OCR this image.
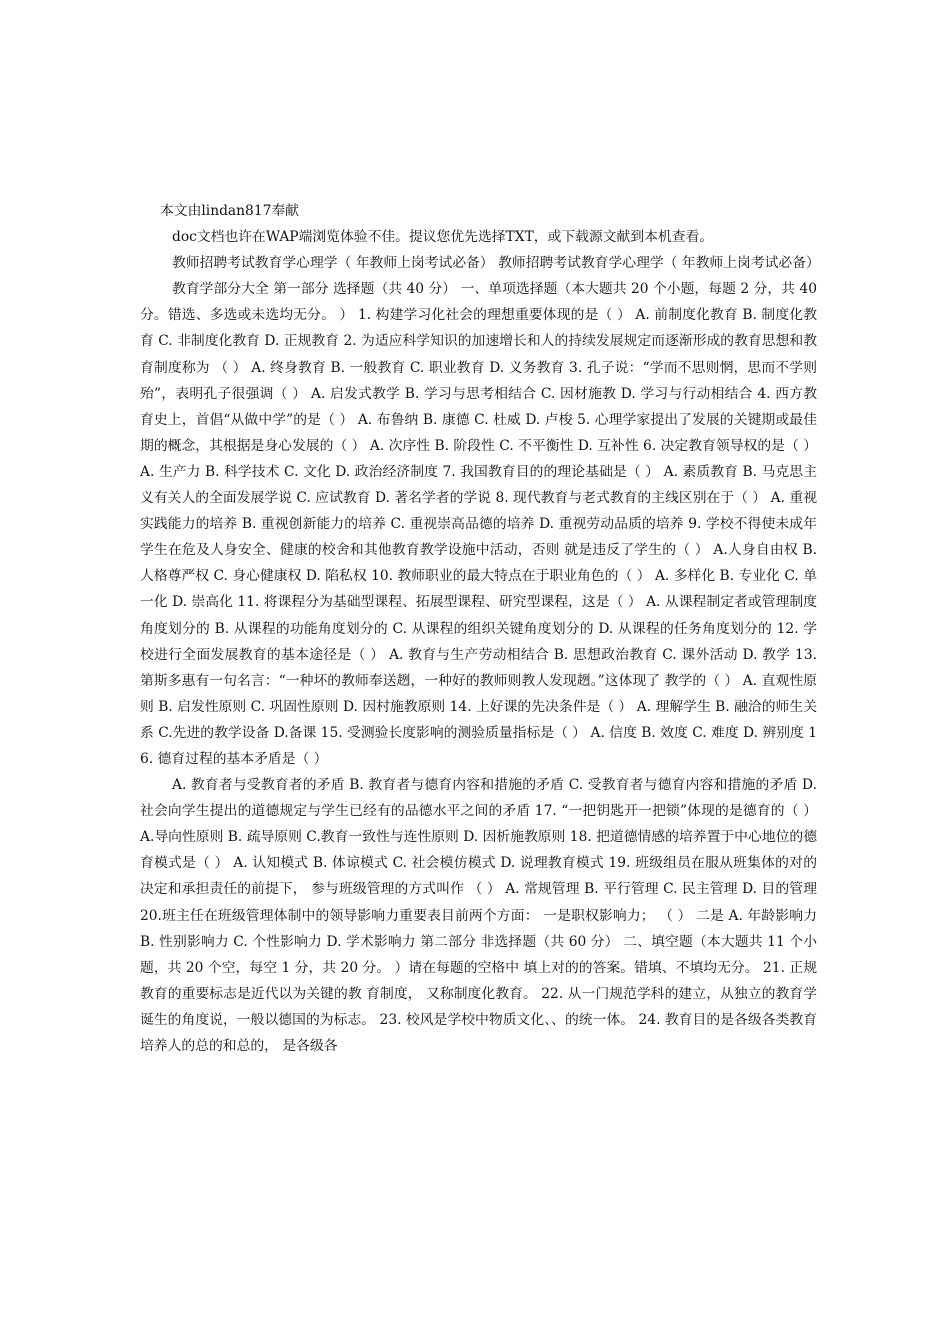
本文由lindan817奉献

doc文档也许在WAP端浏览体验不佳。提议您优先选择TXT，或下载源文献到本机查看。

教师招聘考试教育学心理学（ 年教师上岗考试必备） 教师招聘考试教育学心理学（ 年教师上岗考试必备）

教育学部分大全 第一部分 选择题（共 40 分） 一、单项选择题（本大题共 20 个小题，每题 2 分，共 40 分。错选、多选或未选均无分。 ） 1. 构建学习化社会的理想重要体现的是（ ） A. 前制度化教育 B. 制度化教育 C. 非制度化教育 D. 正规教育 2. 为适应科学知识的加速增长和人的持续发展规定而逐渐形成的教育思想和教育制度称为 （ ） A. 终身教育 B. 一般教育 C. 职业教育 D. 义务教育 3. 孔子说：“学而不思则惘，思而不学则殆”，表明孔子很强调（ ） A. 启发式教学 B. 学习与思考相结合 C. 因材施教 D. 学习与行动相结合 4. 西方教育史上，首倡“从做中学”的是（ ） A. 布鲁纳 B. 康德 C. 杜威 D. 卢梭 5. 心理学家提出了发展的关键期或最佳期的概念，其根据是身心发展的（ ） A. 次序性 B. 阶段性 C. 不平衡性 D. 互补性 6. 决定教育领导权的是（ ） A. 生产力 B. 科学技术 C. 文化 D. 政治经济制度 7. 我国教育目的的理论基础是（ ） A. 素质教育 B. 马克思主义有关人的全面发展学说 C. 应试教育 D. 著名学者的学说 8. 现代教育与老式教育的主线区别在于（ ） A. 重视实践能力的培养 B. 重视创新能力的培养 C. 重视崇高品德的培养 D. 重视劳动品质的培养 9. 学校不得使未成年学生在危及人身安全、健康的校舍和其他教育教学设施中活动，否则 就是违反了学生的（ ） A.人身自由权 B. 人格尊严权 C. 身心健康权 D. 陷私权 10. 教师职业的最大特点在于职业角色的（ ） A. 多样化 B. 专业化 C. 单一化 D. 崇高化 11. 将课程分为基础型课程、拓展型课程、研究型课程，这是（ ） A. 从课程制定者或管理制度角度划分的 B. 从课程的功能角度划分的 C. 从课程的组织关键角度划分的 D. 从课程的任务角度划分的 12. 学校进行全面发展教育的基本途径是（ ） A. 教育与生产劳动相结合 B. 思想政治教育 C. 课外活动 D. 教学 13. 第斯多惠有一句名言：“一种坏的教师奉送趔，一种好的教师则教人发现趔。”这体现了 教学的（ ） A. 直观性原则 B. 启发性原则 C. 巩固性原则 D. 因村施教原则 14. 上好课的先决条件是（ ） A. 理解学生 B. 融洽的师生关系 C.先进的教学设备 D.备课 15. 受测验长度影响的测验质量指标是（ ） A. 信度 B. 效度 C. 难度 D. 辨别度 16. 德育过程的基本矛盾是（ ）

A. 教育者与受教育者的矛盾 B. 教育者与德育内容和措施的矛盾 C. 受教育者与德育内容和措施的矛盾 D. 社会向学生提出的道德规定与学生已经有的品德水平之间的矛盾 17. “一把钥匙开一把锁”体现的是德育的（ ） A.导向性原则 B. 疏导原则 C.教育一致性与连性原则 D. 因析施教原则 18. 把道德情感的培养置于中心地位的德育模式是（ ） A. 认知模式 B. 体谅模式 C. 社会模仿模式 D. 说理教育模式 19. 班级组员在服从班集体的对的决定和承担责任的前提下， 参与班级管理的方式叫作 （ ） A. 常规管理 B. 平行管理 C. 民主管理 D. 目的管理 20.班主任在班级管理体制中的领导影响力重要表目前两个方面： 一是职权影响力； （ ） 二是 A. 年龄影响力 B. 性别影响力 C. 个性影响力 D. 学术影响力 第二部分 非选择题（共 60 分） 二、填空题（本大题共 11 个小题，共 20 个空，每空 1 分，共 20 分。 ）请在每题的空格中 填上对的的答案。错填、不填均无分。 21. 正规教育的重要标志是近代以为关键的教 育制度， 又称制度化教育。 22. 从一门规范学科的建立，从独立的教育学诞生的角度说，一般以德国的为标志。 23. 校风是学校中物质文化、、的统一体。 24. 教育目的是各级各类教育培养人的总的和总的， 是各级各
